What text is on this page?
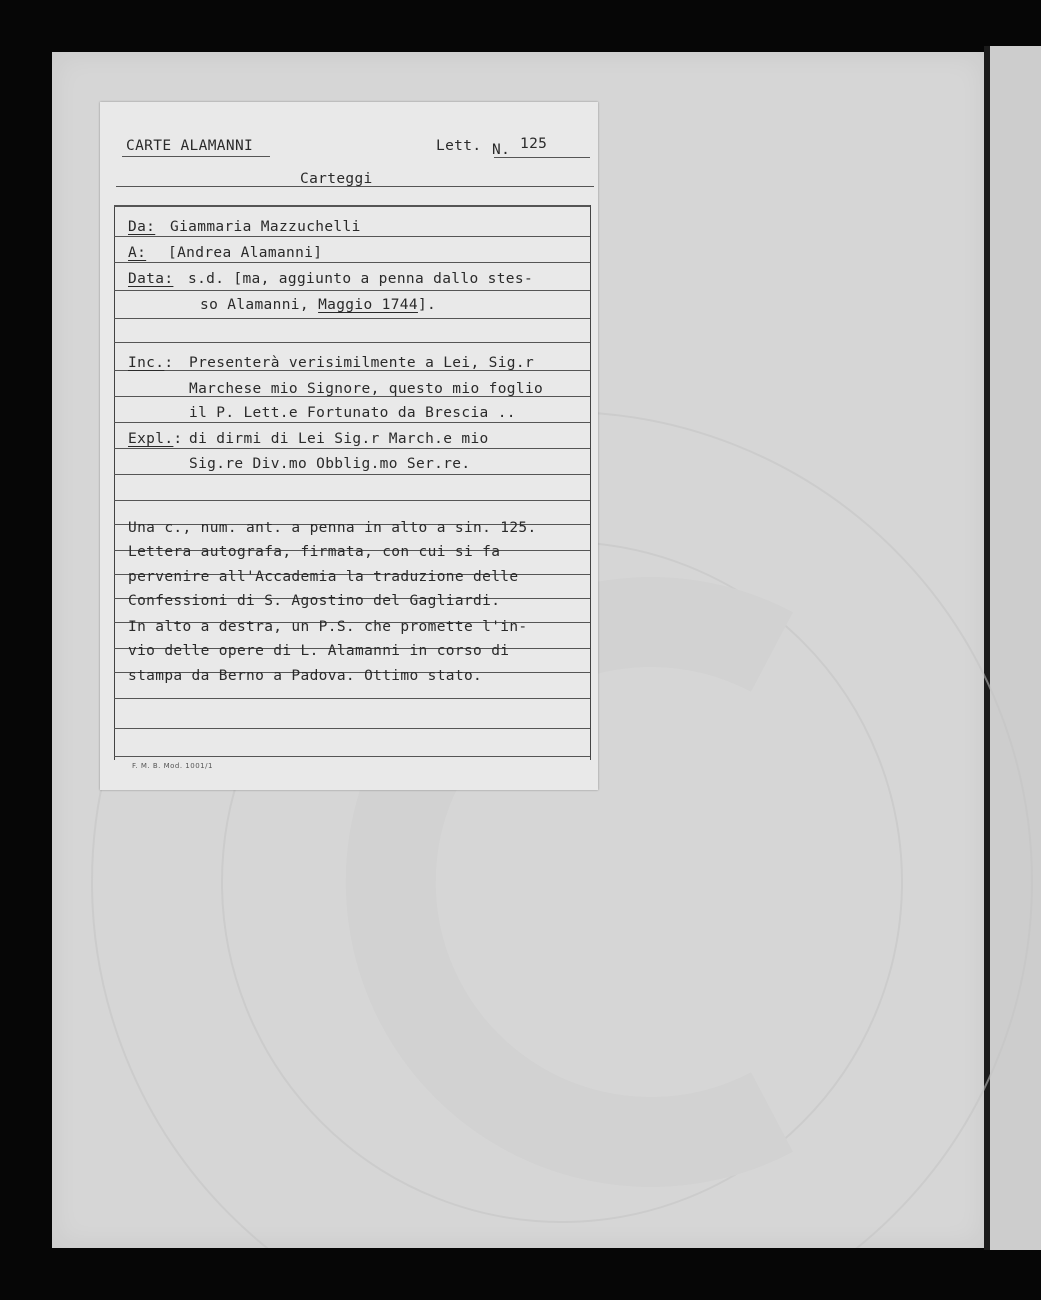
CARTE ALAMANNI	Lett. N. 125
Carteggi
Da: Giammaria Mazzuchelli
A: [Andrea Alamanni]
Data: s.d. [ma, aggiunto a penna dallo stes-
so Alamanni, Maggio 1744].
Inc.: Presenterà verisimilmente a Lei, Sig.r
Marchese mio Signore, questo mio foglio
il P. Lett.e Fortunato da Brescia ..
Expl.: di dirmi di Lei Sig.r March.e mio
Sig.re Div.mo Obblig.mo Ser.re.
Una c., num. ant. a penna in alto a sin. 125.
Lettera autografa, firmata, con cui si fa
pervenire all'Accademia la traduzione delle
Confessioni di S. Agostino del Gagliardi.
In alto a destra, un P.S. che promette l'in-
vio delle opere di L. Alamanni in corso di
stampa da Berno a Padova. Ottimo stato.
F. M. B. Mod. 1001/1
